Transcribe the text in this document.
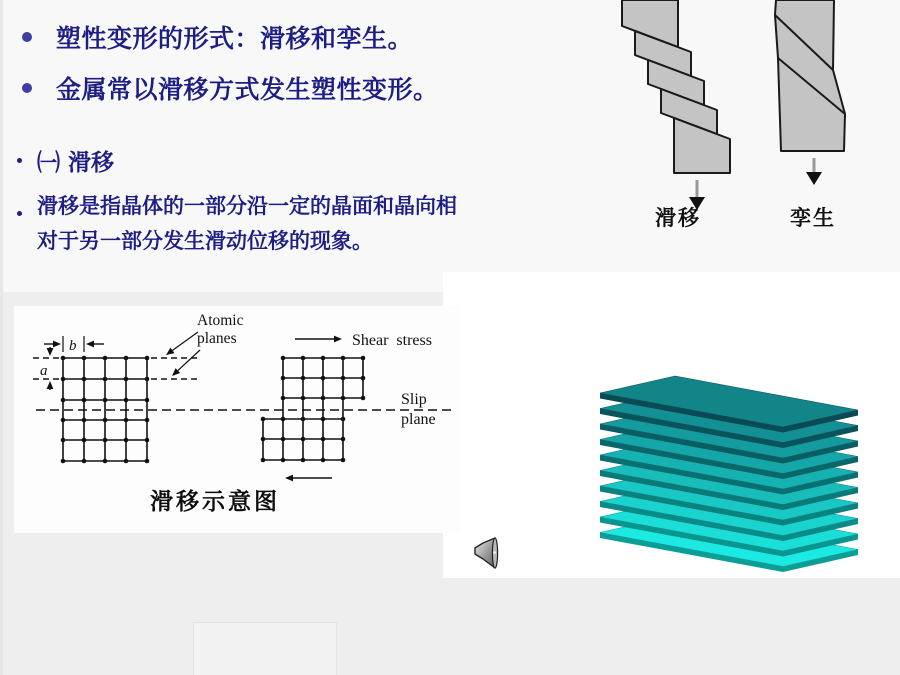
塑性变形的形式：滑移和孪生。
金属常以滑移方式发生塑性变形。
㈠ 滑移
滑移是指晶体的一部分沿一定的晶面和晶向相
对于另一部分发生滑动位移的现象。
滑移	孪生
Atomic
planes	Shear  stress
Slip
plane
a
b
滑移示意图
